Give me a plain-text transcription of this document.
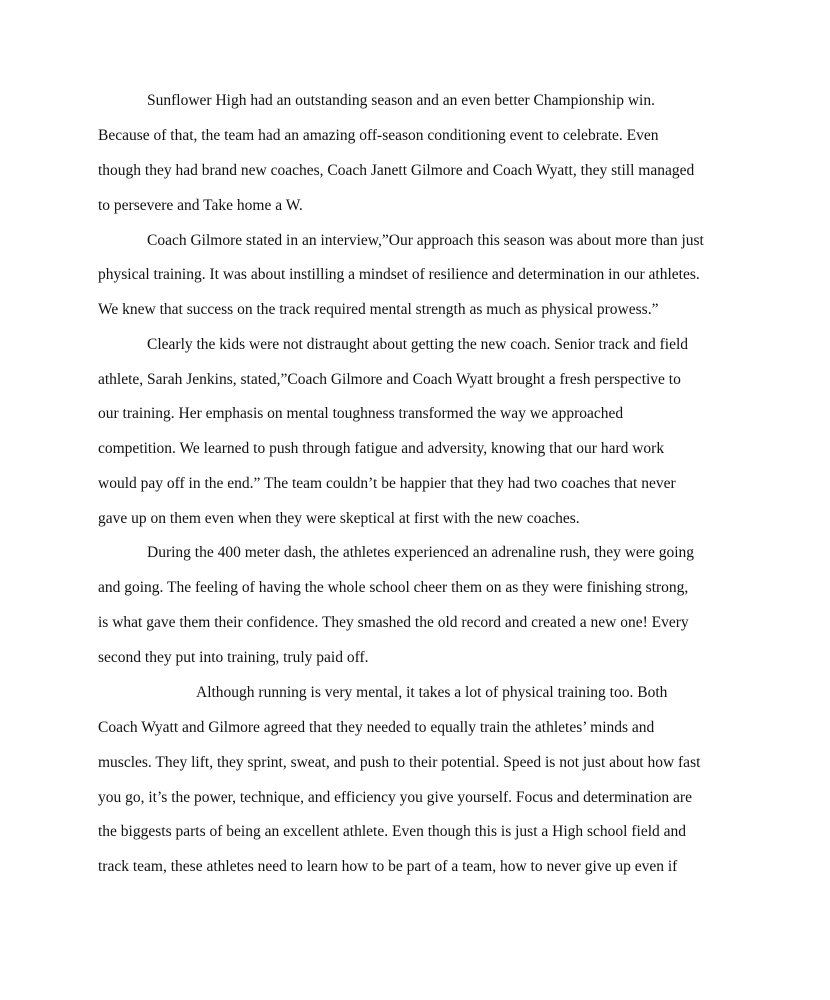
Sunflower High had an outstanding season and an even better Championship win.

Because of that, the team had an amazing off-season conditioning event to celebrate. Even

though they had brand new coaches, Coach Janett Gilmore and Coach Wyatt, they still managed

to persevere and Take home a W.

Coach Gilmore stated in an interview,”Our approach this season was about more than just

physical training. It was about instilling a mindset of resilience and determination in our athletes.

We knew that success on the track required mental strength as much as physical prowess.”

Clearly the kids were not distraught about getting the new coach. Senior track and field

athlete, Sarah Jenkins, stated,”Coach Gilmore and Coach Wyatt brought a fresh perspective to

our training. Her emphasis on mental toughness transformed the way we approached

competition. We learned to push through fatigue and adversity, knowing that our hard work

would pay off in the end.” The team couldn’t be happier that they had two coaches that never

gave up on them even when they were skeptical at first with the new coaches.

During the 400 meter dash, the athletes experienced an adrenaline rush, they were going

and going. The feeling of having the whole school cheer them on as they were finishing strong,

is what gave them their confidence. They smashed the old record and created a new one! Every

second they put into training, truly paid off.

Although running is very mental, it takes a lot of physical training too. Both

Coach Wyatt and Gilmore agreed that they needed to equally train the athletes’ minds and

muscles. They lift, they sprint, sweat, and push to their potential. Speed is not just about how fast

you go, it’s the power, technique, and efficiency you give yourself. Focus and determination are

the biggests parts of being an excellent athlete. Even though this is just a High school field and

track team, these athletes need to learn how to be part of a team, how to never give up even if
